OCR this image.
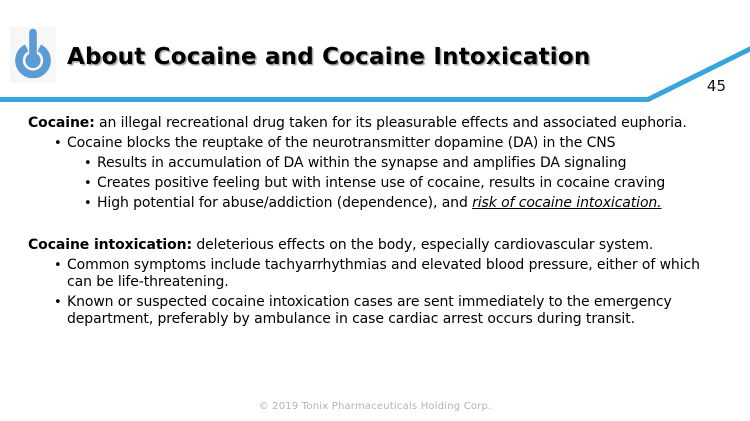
About Cocaine and Cocaine Intoxication
45

Cocaine: an illegal recreational drug taken for its pleasurable effects and associated euphoria.

• Cocaine blocks the reuptake of the neurotransmitter dopamine (DA) in the CNS
• Results in accumulation of DA within the synapse and amplifies DA signaling
• Creates positive feeling but with intense use of cocaine, results in cocaine craving
• High potential for abuse/addiction (dependence), and risk of cocaine intoxication.

Cocaine intoxication: deleterious effects on the body, especially cardiovascular system.

• Common symptoms include tachyarrhythmias and elevated blood pressure, either of which can be life-threatening.
• Known or suspected cocaine intoxication cases are sent immediately to the emergency department, preferably by ambulance in case cardiac arrest occurs during transit.
© 2019 Tonix Pharmaceuticals Holding Corp.
